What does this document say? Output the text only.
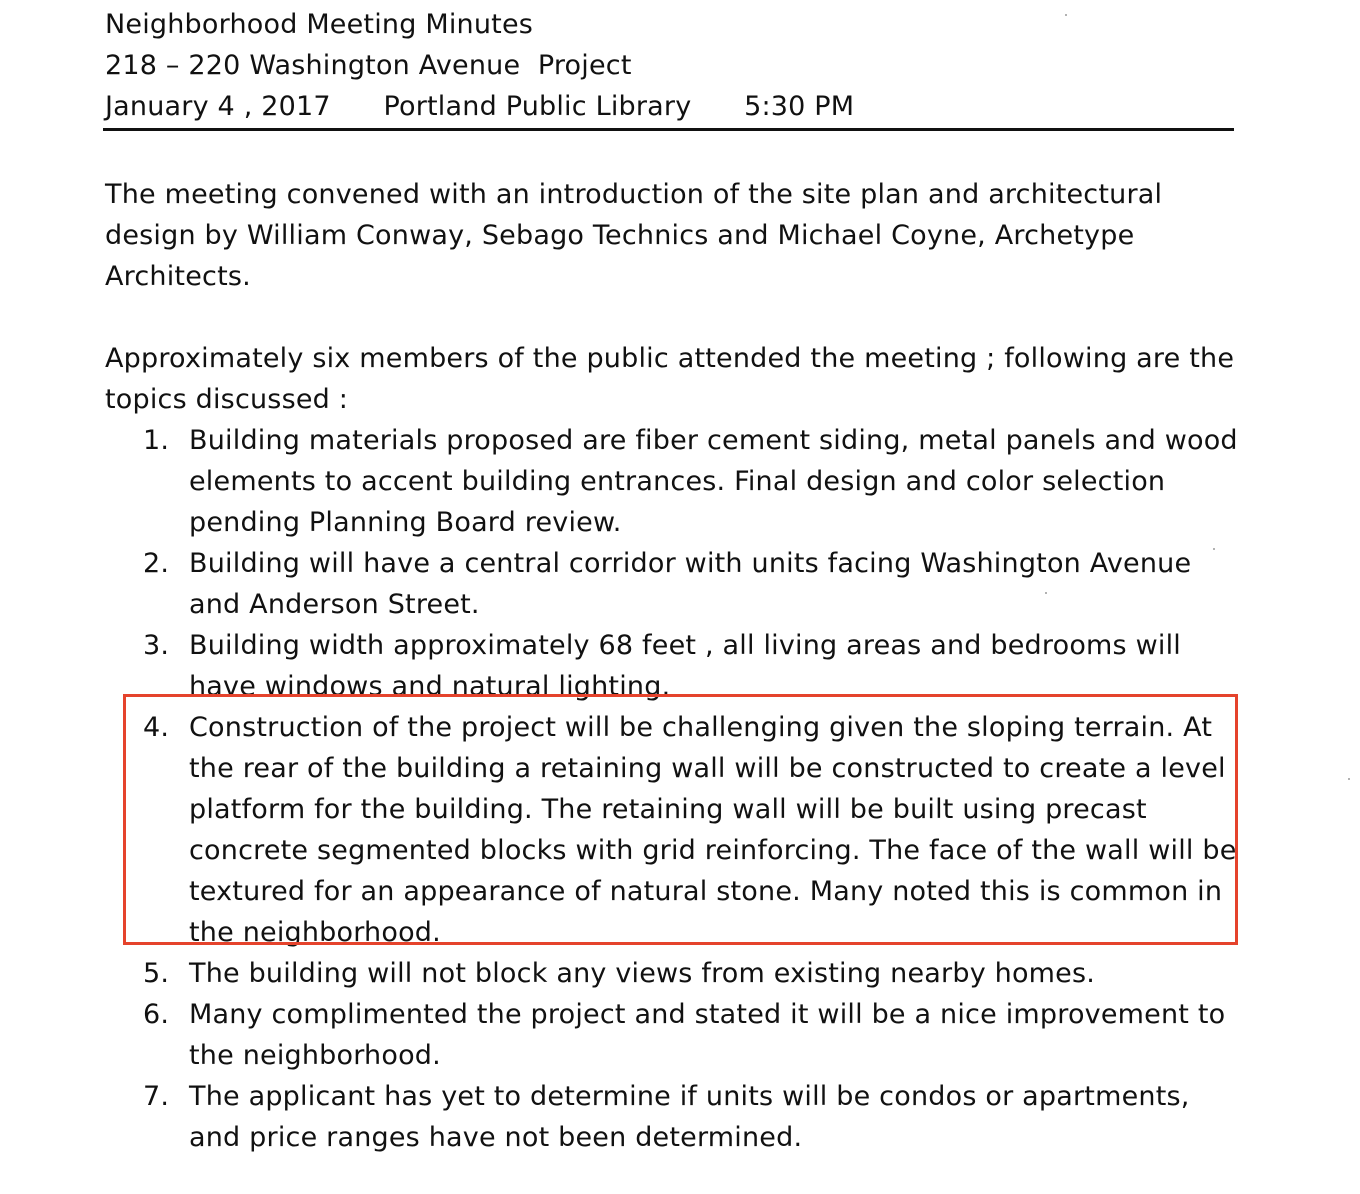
Neighborhood Meeting Minutes
218 – 220 Washington Avenue  Project
January 4 , 2017 Portland Public Library 5:30 PM

The meeting convened with an introduction of the site plan and architectural design by William Conway, Sebago Technics and Michael Coyne, Archetype Architects.

Approximately six members of the public attended the meeting ; following are the topics discussed :

1. Building materials proposed are fiber cement siding, metal panels and wood elements to accent building entrances. Final design and color selection pending Planning Board review.
2. Building will have a central corridor with units facing Washington Avenue and Anderson Street.
3. Building width approximately 68 feet , all living areas and bedrooms will have windows and natural lighting.
4. Construction of the project will be challenging given the sloping terrain. At the rear of the building a retaining wall will be constructed to create a level platform for the building. The retaining wall will be built using precast concrete segmented blocks with grid reinforcing. The face of the wall will be textured for an appearance of natural stone. Many noted this is common in the neighborhood.
5. The building will not block any views from existing nearby homes.
6. Many complimented the project and stated it will be a nice improvement to the neighborhood.
7. The applicant has yet to determine if units will be condos or apartments, and price ranges have not been determined.
